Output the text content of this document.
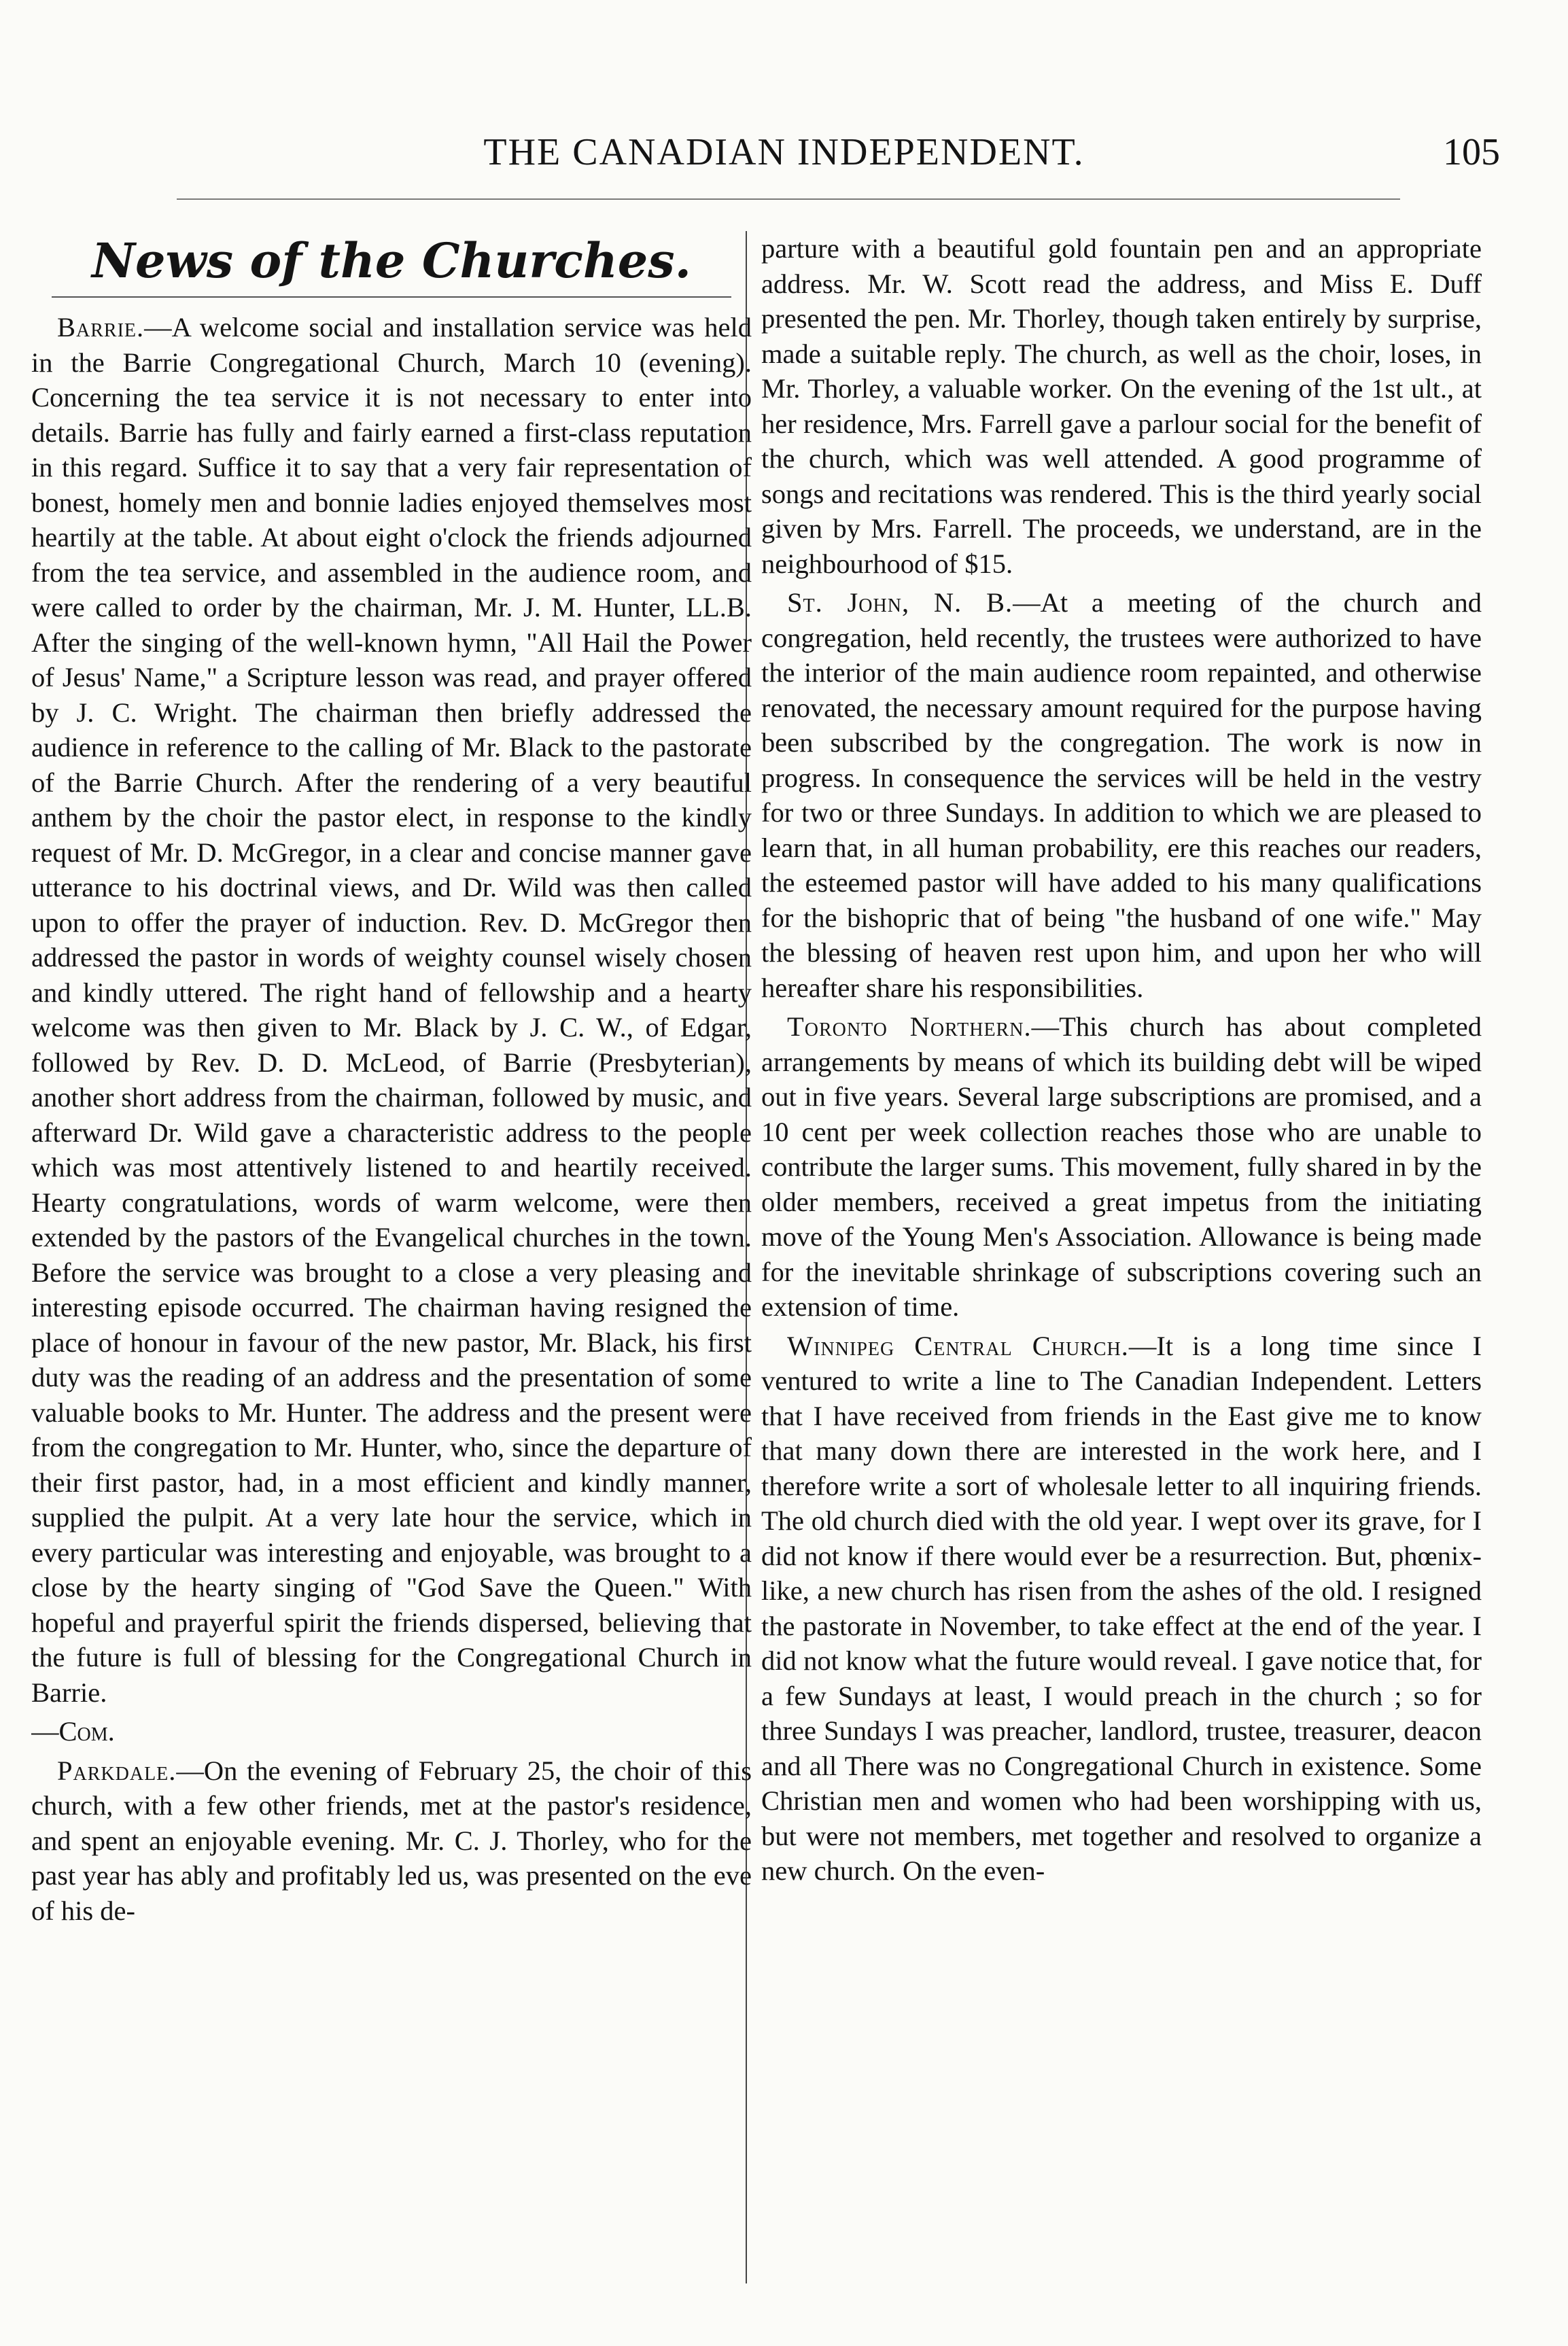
THE CANADIAN INDEPENDENT.	105
News of the Churches.

Barrie.—A welcome social and installation service was held in the Barrie Congregational Church, March 10 (evening). Concerning the tea service it is not necessary to enter into details. Barrie has fully and fairly earned a first-class reputation in this regard. Suffice it to say that a very fair representation of bonest, homely men and bonnie ladies enjoyed themselves most heartily at the table. At about eight o'clock the friends adjourned from the tea service, and assembled in the audience room, and were called to order by the chairman, Mr. J. M. Hunter, LL.B. After the singing of the well-known hymn, "All Hail the Power of Jesus' Name," a Scripture lesson was read, and prayer offered by J. C. Wright. The chairman then briefly addressed the audience in reference to the calling of Mr. Black to the pastorate of the Barrie Church. After the rendering of a very beautiful anthem by the choir the pastor elect, in response to the kindly request of Mr. D. McGregor, in a clear and concise manner gave utterance to his doctrinal views, and Dr. Wild was then called upon to offer the prayer of induction. Rev. D. McGregor then addressed the pastor in words of weighty counsel wisely chosen and kindly uttered. The right hand of fellowship and a hearty welcome was then given to Mr. Black by J. C. W., of Edgar, followed by Rev. D. D. McLeod, of Barrie (Presbyterian), another short address from the chairman, followed by music, and afterward Dr. Wild gave a characteristic address to the people which was most attentively listened to and heartily received. Hearty congratulations, words of warm welcome, were then extended by the pastors of the Evangelical churches in the town. Before the service was brought to a close a very pleasing and interesting episode occurred. The chairman having resigned the place of honour in favour of the new pastor, Mr. Black, his first duty was the reading of an address and the presentation of some valuable books to Mr. Hunter. The address and the present were from the congregation to Mr. Hunter, who, since the departure of their first pastor, had, in a most efficient and kindly manner, supplied the pulpit. At a very late hour the service, which in every particular was interesting and enjoyable, was brought to a close by the hearty singing of "God Save the Queen." With hopeful and prayerful spirit the friends dispersed, believing that the future is full of blessing for the Congregational Church in Barrie.

—Com.

Parkdale.—On the evening of February 25, the choir of this church, with a few other friends, met at the pastor's residence, and spent an enjoyable evening. Mr. C. J. Thorley, who for the past year has ably and profitably led us, was presented on the eve of his de-

parture with a beautiful gold fountain pen and an appropriate address. Mr. W. Scott read the address, and Miss E. Duff presented the pen. Mr. Thorley, though taken entirely by surprise, made a suitable reply. The church, as well as the choir, loses, in Mr. Thorley, a valuable worker. On the evening of the 1st ult., at her residence, Mrs. Farrell gave a parlour social for the benefit of the church, which was well attended. A good programme of songs and recitations was rendered. This is the third yearly social given by Mrs. Farrell. The proceeds, we understand, are in the neighbourhood of $15.

St. John, N. B.—At a meeting of the church and congregation, held recently, the trustees were authorized to have the interior of the main audience room repainted, and otherwise renovated, the necessary amount required for the purpose having been subscribed by the congregation. The work is now in progress. In consequence the services will be held in the vestry for two or three Sundays. In addition to which we are pleased to learn that, in all human probability, ere this reaches our readers, the esteemed pastor will have added to his many qualifications for the bishopric that of being "the husband of one wife." May the blessing of heaven rest upon him, and upon her who will hereafter share his responsibilities.

Toronto Northern.—This church has about completed arrangements by means of which its building debt will be wiped out in five years. Several large subscriptions are promised, and a 10 cent per week collection reaches those who are unable to contribute the larger sums. This movement, fully shared in by the older members, received a great impetus from the initiating move of the Young Men's Association. Allowance is being made for the inevitable shrinkage of subscriptions covering such an extension of time.

Winnipeg Central Church.—It is a long time since I ventured to write a line to The Canadian Independent. Letters that I have received from friends in the East give me to know that many down there are interested in the work here, and I therefore write a sort of wholesale letter to all inquiring friends. The old church died with the old year. I wept over its grave, for I did not know if there would ever be a resurrection. But, phœnix-like, a new church has risen from the ashes of the old. I resigned the pastorate in November, to take effect at the end of the year. I did not know what the future would reveal. I gave notice that, for a few Sundays at least, I would preach in the church ; so for three Sundays I was preacher, landlord, trustee, treasurer, deacon and all There was no Congregational Church in existence. Some Christian men and women who had been worshipping with us, but were not members, met together and resolved to organize a new church. On the even-
